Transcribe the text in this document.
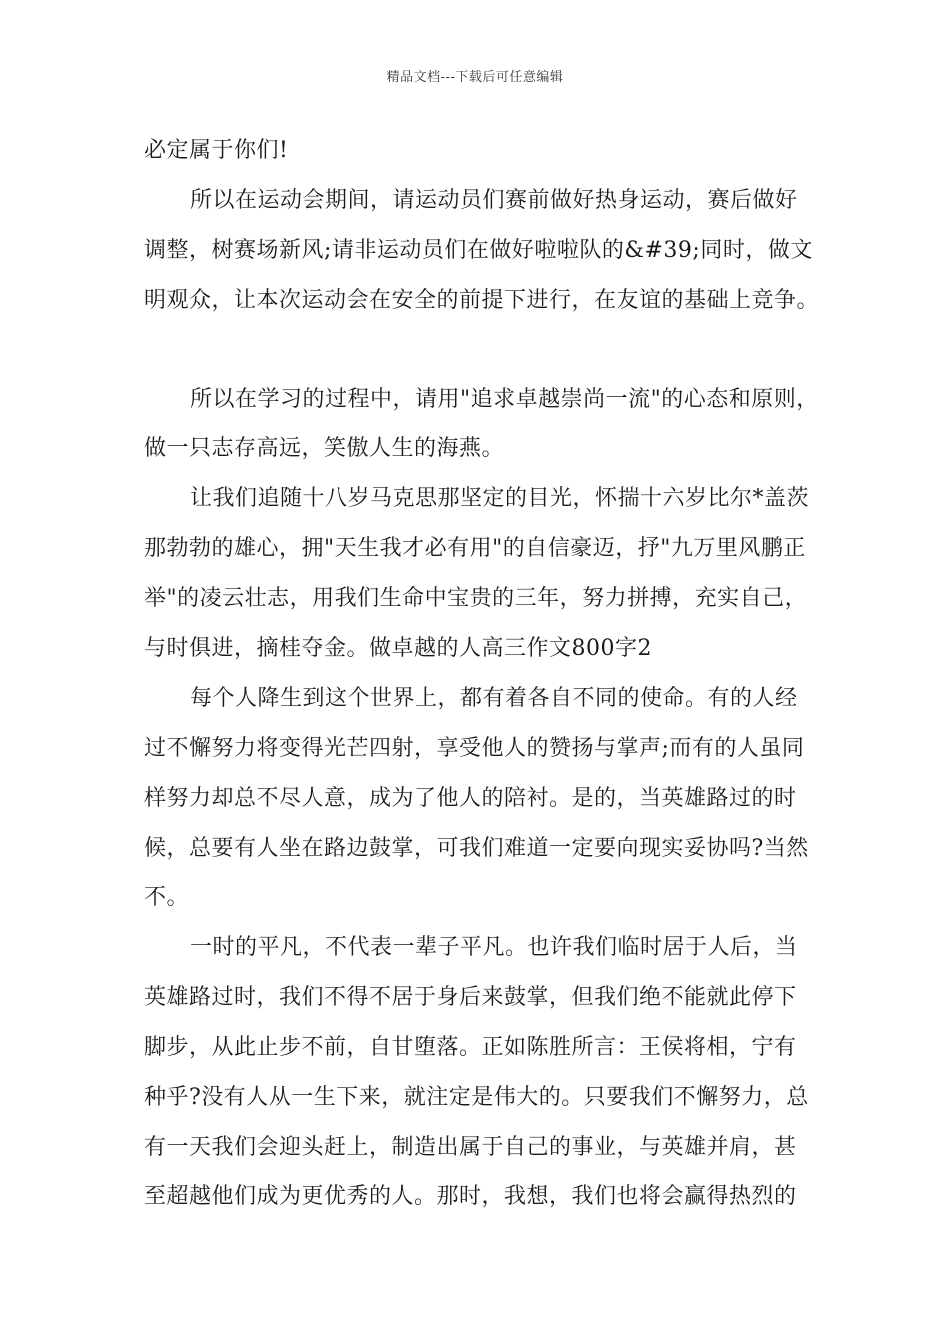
精品文档---下载后可任意编辑
必定属于你们!
所以在运动会期间，请运动员们赛前做好热身运动，赛后做好
调整，树赛场新风;请非运动员们在做好啦啦队的&#39;同时，做文
明观众，让本次运动会在安全的前提下进行，在友谊的基础上竞争。
所以在学习的过程中，请用"追求卓越崇尚一流"的心态和原则，
做一只志存高远，笑傲人生的海燕。
让我们追随十八岁马克思那坚定的目光，怀揣十六岁比尔*盖茨
那勃勃的雄心，拥"天生我才必有用"的自信豪迈，抒"九万里风鹏正
举"的凌云壮志，用我们生命中宝贵的三年，努力拼搏，充实自己，
与时俱进，摘桂夺金。做卓越的人高三作文800字2
每个人降生到这个世界上，都有着各自不同的使命。有的人经
过不懈努力将变得光芒四射，享受他人的赞扬与掌声;而有的人虽同
样努力却总不尽人意，成为了他人的陪衬。是的，当英雄路过的时
候，总要有人坐在路边鼓掌，可我们难道一定要向现实妥协吗?当然
不。
一时的平凡，不代表一辈子平凡。也许我们临时居于人后，当
英雄路过时，我们不得不居于身后来鼓掌，但我们绝不能就此停下
脚步，从此止步不前，自甘堕落。正如陈胜所言：王侯将相，宁有
种乎?没有人从一生下来，就注定是伟大的。只要我们不懈努力，总
有一天我们会迎头赶上，制造出属于自己的事业，与英雄并肩，甚
至超越他们成为更优秀的人。那时，我想，我们也将会赢得热烈的
